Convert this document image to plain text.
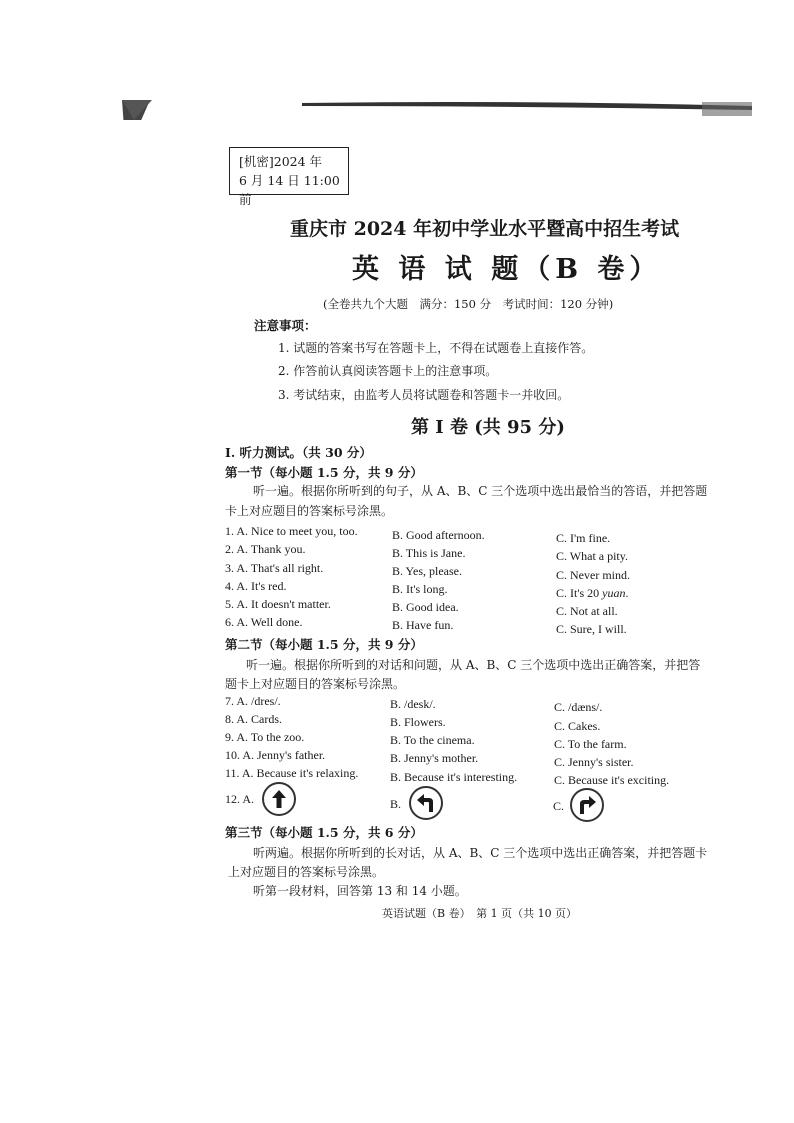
[机密]2024 年
6 月 14 日 11:00 前
重庆市 2024 年初中学业水平暨高中招生考试
英 语 试 题（B 卷）
(全卷共九个大题　满分：150 分　考试时间：120 分钟)
注意事项：
1. 试题的答案书写在答题卡上，不得在试题卷上直接作答。
2. 作答前认真阅读答题卡上的注意事项。
3. 考试结束，由监考人员将试题卷和答题卡一并收回。
第 I 卷 (共 95 分)
I. 听力测试。（共 30 分）
第一节（每小题 1.5 分，共 9 分）
听一遍。根据你所听到的句子，从 A、B、C 三个选项中选出最恰当的答语，并把答题
卡上对应题目的答案标号涂黑。
1. A. Nice to meet you, too.	B. Good afternoon.	C. I'm fine.
2. A. Thank you.	B. This is Jane.	C. What a pity.
3. A. That's all right.	B. Yes, please.	C. Never mind.
4. A. It's red.	B. It's long.	C. It's 20 yuan.
5. A. It doesn't matter.	B. Good idea.	C. Not at all.
6. A. Well done.	B. Have fun.	C. Sure, I will.
第二节（每小题 1.5 分，共 9 分）
听一遍。根据你所听到的对话和问题，从 A、B、C 三个选项中选出正确答案，并把答
题卡上对应题目的答案标号涂黑。
7. A. /dres/.	B. /desk/.	C. /dæns/.
8. A. Cards.	B. Flowers.	C. Cakes.
9. A. To the zoo.	B. To the cinema.	C. To the farm.
10. A. Jenny's father.	B. Jenny's mother.	C. Jenny's sister.
11. A. Because it's relaxing.	B. Because it's interesting.	C. Because it's exciting.
12. A.	B.	C.
第三节（每小题 1.5 分，共 6 分）
听两遍。根据你所听到的长对话，从 A、B、C 三个选项中选出正确答案，并把答题卡
上对应题目的答案标号涂黑。
听第一段材料，回答第 13 和 14 小题。
英语试题（B 卷）　第 1 页（共 10 页）
